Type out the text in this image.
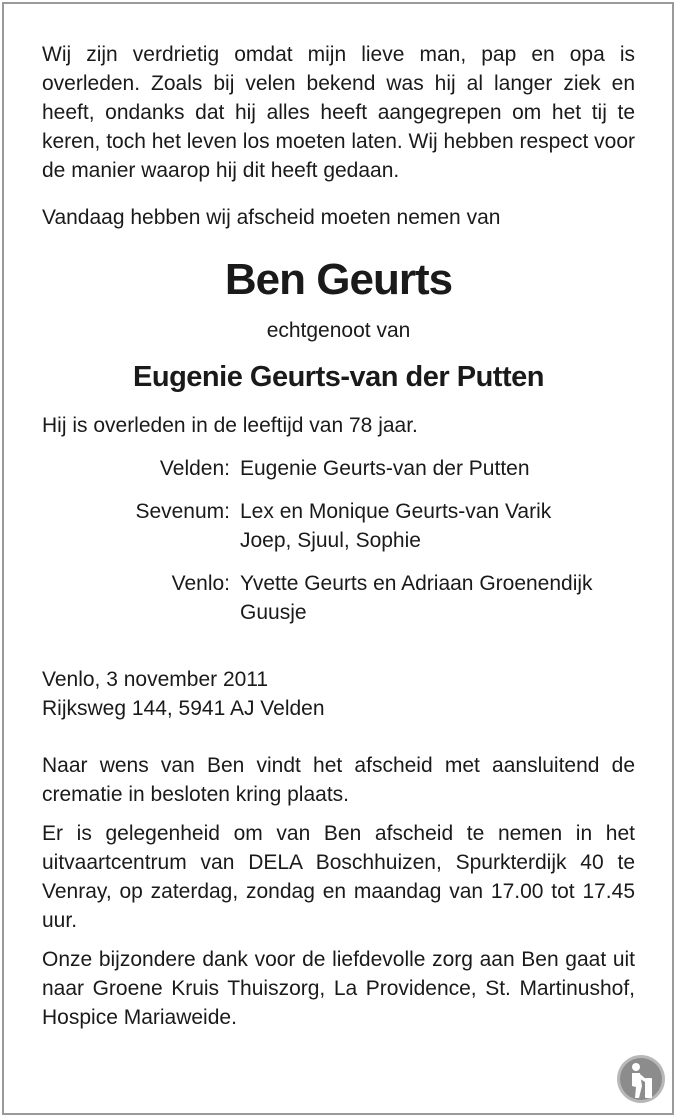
Wij zijn verdrietig omdat mijn lieve man, pap en opa is overleden. Zoals bij velen bekend was hij al langer ziek en heeft, ondanks dat hij alles heeft aangegrepen om het tij te keren, toch het leven los moeten laten. Wij hebben respect voor de manier waarop hij dit heeft gedaan.

Vandaag hebben wij afscheid moeten nemen van

Ben Geurts
echtgenoot van
Eugenie Geurts-van der Putten

Hij is overleden in de leeftijd van 78 jaar.

Velden: Eugenie Geurts-van der Putten
Sevenum: Lex en Monique Geurts-van Varik
Joep, Sjuul, Sophie
Venlo: Yvette Geurts en Adriaan Groenendijk
Guusje
Venlo, 3 november 2011
Rijksweg 144, 5941 AJ Velden

Naar wens van Ben vindt het afscheid met aansluitend de crematie in besloten kring plaats.

Er is gelegenheid om van Ben afscheid te nemen in het uitvaartcentrum van DELA Boschhuizen, Spurkterdijk 40 te Venray, op zaterdag, zondag en maandag van 17.00 tot 17.45 uur.

Onze bijzondere dank voor de liefdevolle zorg aan Ben gaat uit naar Groene Kruis Thuiszorg, La Providence, St. Martinushof, Hospice Mariaweide.
